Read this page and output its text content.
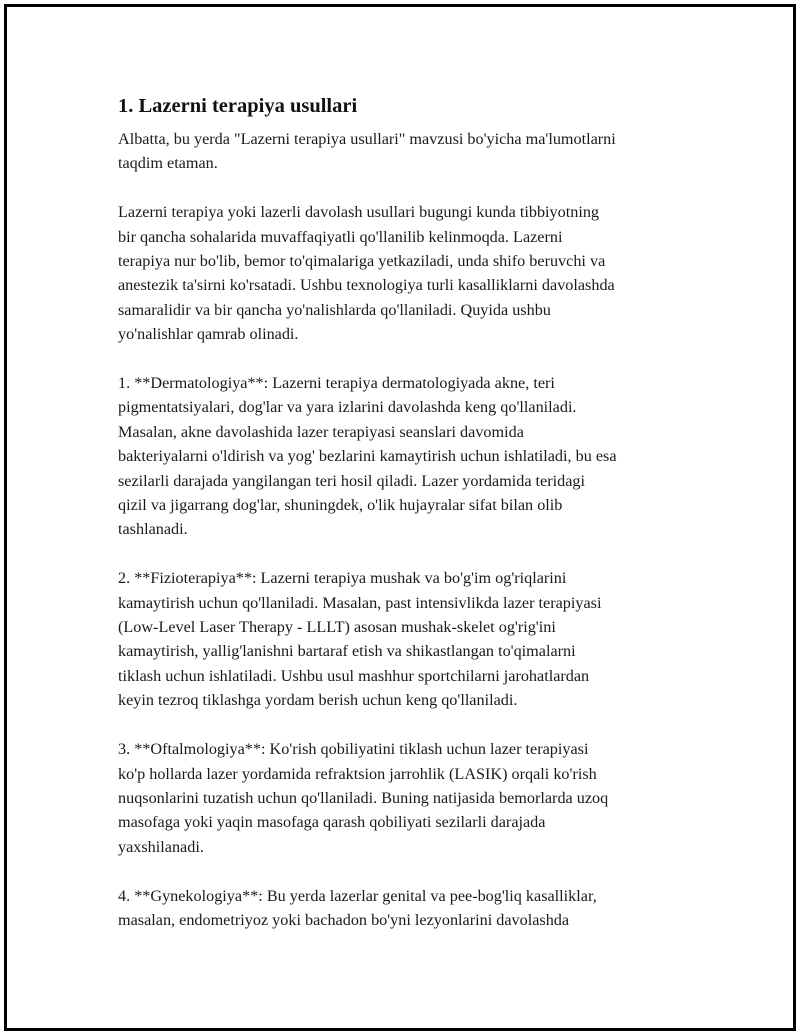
1. Lazerni terapiya usullari

Albatta, bu yerda "Lazerni terapiya usullari" mavzusi bo'yicha ma'lumotlarni
taqdim etaman.

Lazerni terapiya yoki lazerli davolash usullari bugungi kunda tibbiyotning
bir qancha sohalarida muvaffaqiyatli qo'llanilib kelinmoqda. Lazerni
terapiya nur bo'lib, bemor to'qimalariga yetkaziladi, unda shifo beruvchi va
anestezik ta'sirni ko'rsatadi. Ushbu texnologiya turli kasalliklarni davolashda
samaralidir va bir qancha yo'nalishlarda qo'llaniladi. Quyida ushbu
yo'nalishlar qamrab olinadi.

1. **Dermatologiya**: Lazerni terapiya dermatologiyada akne, teri
pigmentatsiyalari, dog'lar va yara izlarini davolashda keng qo'llaniladi.
Masalan, akne davolashida lazer terapiyasi seanslari davomida
bakteriyalarni o'ldirish va yog' bezlarini kamaytirish uchun ishlatiladi, bu esa
sezilarli darajada yangilangan teri hosil qiladi. Lazer yordamida teridagi
qizil va jigarrang dog'lar, shuningdek, o'lik hujayralar sifat bilan olib
tashlanadi.

2. **Fizioterapiya**: Lazerni terapiya mushak va bo'g'im og'riqlarini
kamaytirish uchun qo'llaniladi. Masalan, past intensivlikda lazer terapiyasi
(Low-Level Laser Therapy - LLLT) asosan mushak-skelet og'rig'ini
kamaytirish, yallig'lanishni bartaraf etish va shikastlangan to'qimalarni
tiklash uchun ishlatiladi. Ushbu usul mashhur sportchilarni jarohatlardan
keyin tezroq tiklashga yordam berish uchun keng qo'llaniladi.

3. **Oftalmologiya**: Ko'rish qobiliyatini tiklash uchun lazer terapiyasi
ko'p hollarda lazer yordamida refraktsion jarrohlik (LASIK) orqali ko'rish
nuqsonlarini tuzatish uchun qo'llaniladi. Buning natijasida bemorlarda uzoq
masofaga yoki yaqin masofaga qarash qobiliyati sezilarli darajada
yaxshilanadi.

4. **Gynekologiya**: Bu yerda lazerlar genital va pee-bog'liq kasalliklar,
masalan, endometriyoz yoki bachadon bo'yni lezyonlarini davolashda
